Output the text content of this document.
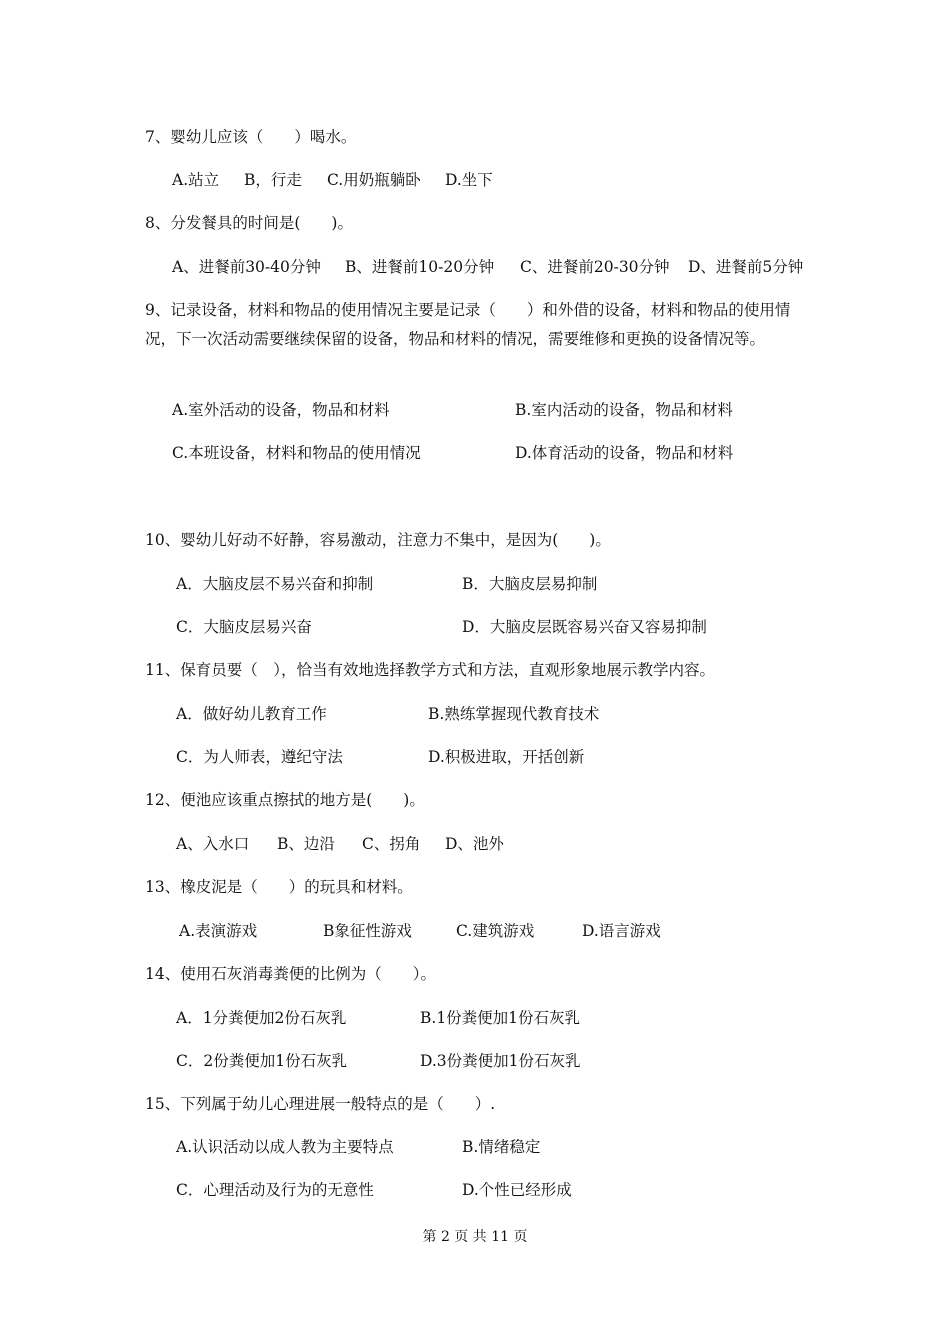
7、婴幼儿应该（　　）喝水。
A.站立 B，行走 C.用奶瓶躺卧 D.坐下
8、分发餐具的时间是(　　)。
A、进餐前30-40分钟 B、进餐前10-20分钟 C、进餐前20-30分钟 D、进餐前5分钟
9、记录设备，材料和物品的使用情况主要是记录（　　）和外借的设备，材料和物品的使用情况，下一次活动需要继续保留的设备，物品和材料的情况，需要维修和更换的设备情况等。
A.室外活动的设备，物品和材料	B.室内活动的设备，物品和材料
C.本班设备，材料和物品的使用情况	D.体育活动的设备，物品和材料
10、婴幼儿好动不好静，容易激动，注意力不集中，是因为(　　)。
A．大脑皮层不易兴奋和抑制	B．大脑皮层易抑制
C．大脑皮层易兴奋	D．大脑皮层既容易兴奋又容易抑制
11、保育员要（　），恰当有效地选择教学方式和方法，直观形象地展示教学内容。
A．做好幼儿教育工作	B.熟练掌握现代教育技术
C．为人师表，遵纪守法	D.积极进取，开括创新
12、便池应该重点擦拭的地方是(　　)。
A、入水口 B、边沿 C、拐角 D、池外
13、橡皮泥是（　　）的玩具和材料。
A.表演游戏	B象征性游戏	C.建筑游戏	D.语言游戏
14、使用石灰消毒粪便的比例为（　　）。
A．1分粪便加2份石灰乳	B.1份粪便加1份石灰乳
C．2份粪便加1份石灰乳	D.3份粪便加1份石灰乳
15、下列属于幼儿心理进展一般特点的是（　　）.
A.认识活动以成人教为主要特点	B.情绪稳定
C．心理活动及行为的无意性	D.个性已经形成
第 2 页 共 11 页
